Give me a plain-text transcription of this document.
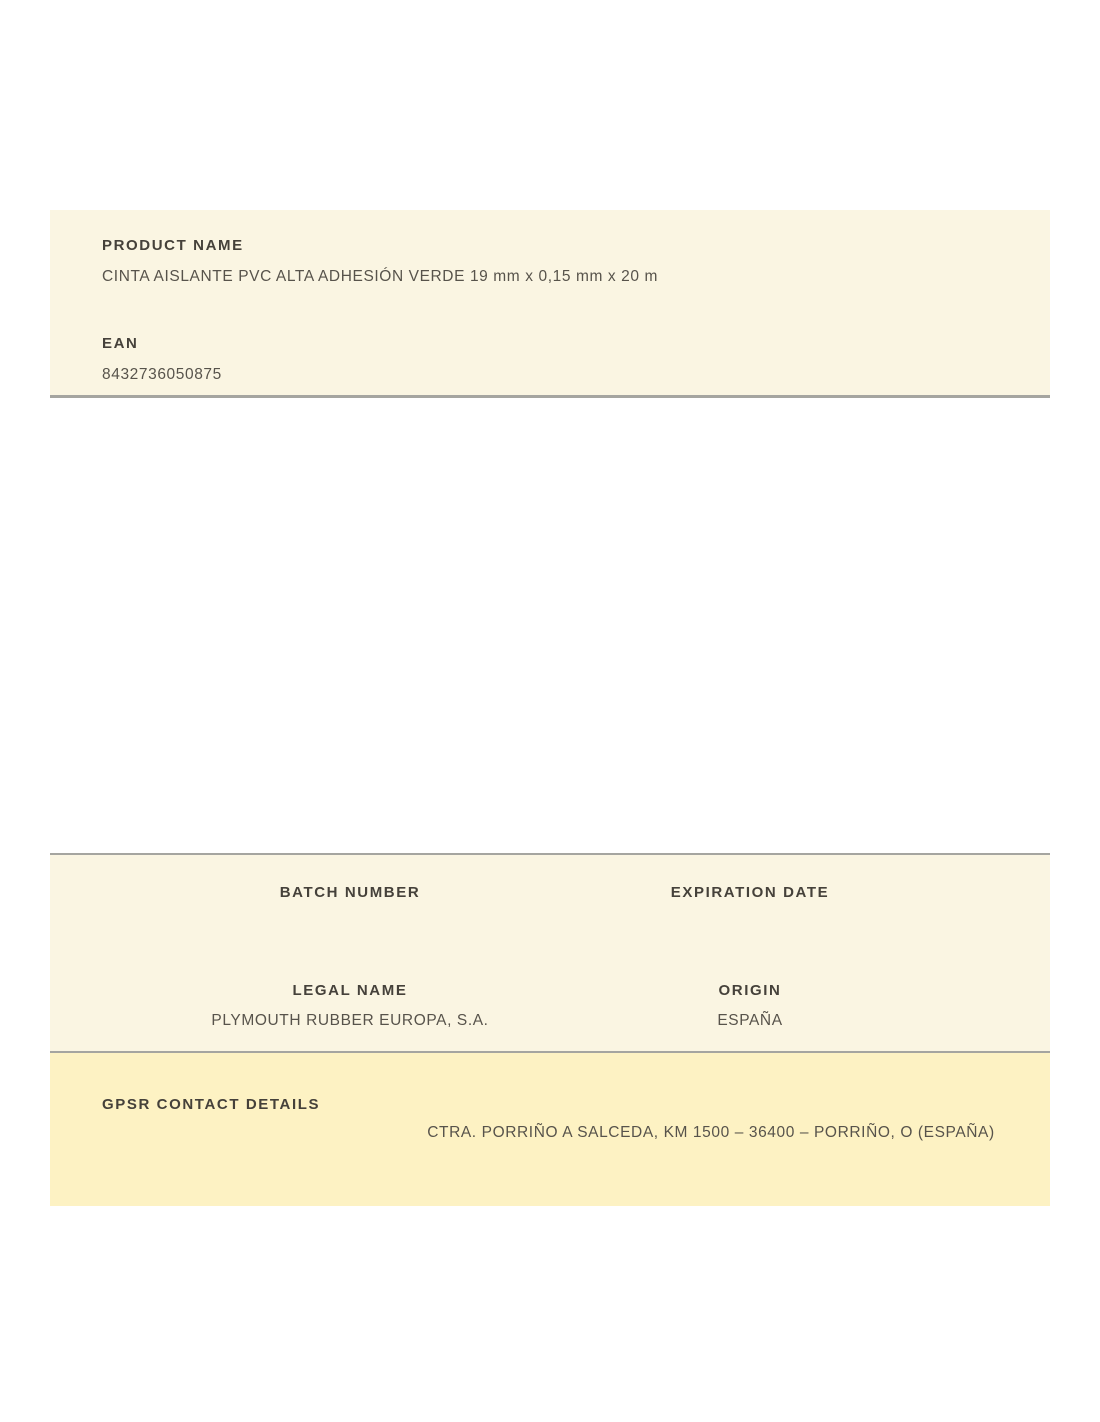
PRODUCT NAME
CINTA AISLANTE PVC ALTA ADHESIÓN VERDE 19 mm x 0,15 mm x 20 m
EAN
8432736050875
BATCH NUMBER	EXPIRATION DATE
LEGAL NAME
PLYMOUTH RUBBER EUROPA, S.A.
ORIGIN
ESPAÑA
GPSR CONTACT DETAILS
CTRA. PORRIÑO A SALCEDA, KM 1500 – 36400 – PORRIÑO, O (ESPAÑA)
